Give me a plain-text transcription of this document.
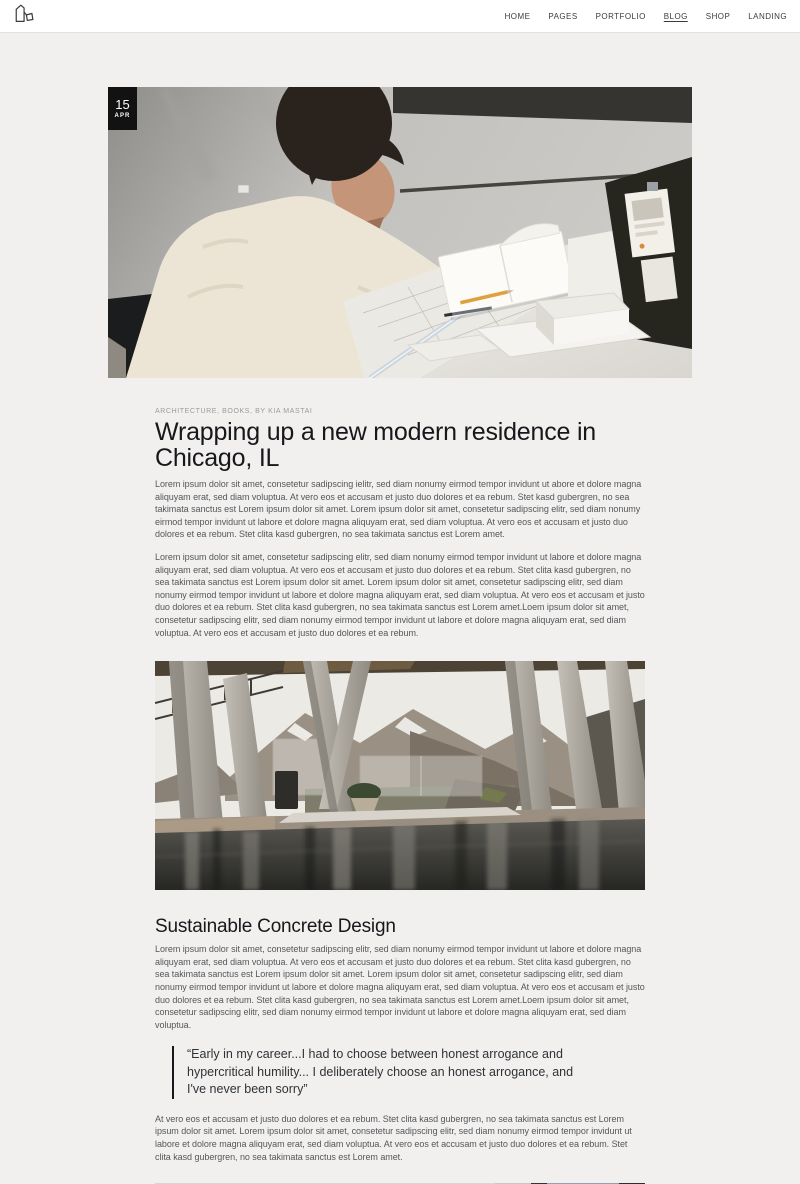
HOME PAGES PORTFOLIO BLOG SHOP LANDING
15
APR
ARCHITECTURE, BOOKS, BY KIA MASTAI
Wrapping up a new modern residence in Chicago, IL

Lorem ipsum dolor sit amet, consetetur sadipscing ielitr, sed diam nonumy eirmod tempor invidunt ut abore et dolore magna aliquyam erat, sed diam voluptua. At vero eos et accusam et justo duo dolores et ea rebum. Stet kasd gubergren, no sea takimata sanctus est Lorem ipsum dolor sit amet. Lorem ipsum dolor sit amet, consetetur sadipscing elitr, sed diam nonumy eirmod tempor invidunt ut labore et dolore magna aliquyam erat, sed diam voluptua. At vero eos et accusam et justo duo dolores et ea rebum. Stet clita kasd gubergren, no sea takimata sanctus est Lorem amet.

Lorem ipsum dolor sit amet, consetetur sadipscing elitr, sed diam nonumy eirmod tempor invidunt ut labore et dolore magna aliquyam erat, sed diam voluptua. At vero eos et accusam et justo duo dolores et ea rebum. Stet clita kasd gubergren, no sea takimata sanctus est Lorem ipsum dolor sit amet. Lorem ipsum dolor sit amet, consetetur sadipscing elitr, sed diam nonumy eirmod tempor invidunt ut labore et dolore magna aliquyam erat, sed diam voluptua. At vero eos et accusam et justo duo dolores et ea rebum. Stet clita kasd gubergren, no sea takimata sanctus est Lorem amet.Loem ipsum dolor sit amet, consetetur sadipscing elitr, sed diam nonumy eirmod tempor invidunt ut labore et dolore magna aliquyam erat, sed diam voluptua. At vero eos et accusam et justo duo dolores et ea rebum.

Sustainable Concrete Design

Lorem ipsum dolor sit amet, consetetur sadipscing elitr, sed diam nonumy eirmod tempor invidunt ut labore et dolore magna aliquyam erat, sed diam voluptua. At vero eos et accusam et justo duo dolores et ea rebum. Stet clita kasd gubergren, no sea takimata sanctus est Lorem ipsum dolor sit amet. Lorem ipsum dolor sit amet, consetetur sadipscing elitr, sed diam nonumy eirmod tempor invidunt ut labore et dolore magna aliquyam erat, sed diam voluptua. At vero eos et accusam et justo duo dolores et ea rebum. Stet clita kasd gubergren, no sea takimata sanctus est Lorem amet.Loem ipsum dolor sit amet, consetetur sadipscing elitr, sed diam nonumy eirmod tempor invidunt ut labore et dolore magna aliquyam erat, sed diam voluptua.

“Early in my career...I had to choose between honest arrogance and hypercritical humility... I deliberately choose an honest arrogance, and I've never been sorry”

At vero eos et accusam et justo duo dolores et ea rebum. Stet clita kasd gubergren, no sea takimata sanctus est Lorem ipsum dolor sit amet. Lorem ipsum dolor sit amet, consetetur sadipscing elitr, sed diam nonumy eirmod tempor invidunt ut labore et dolore magna aliquyam erat, sed diam voluptua. At vero eos et accusam et justo duo dolores et ea rebum. Stet clita kasd gubergren, no sea takimata sanctus est Lorem amet.
